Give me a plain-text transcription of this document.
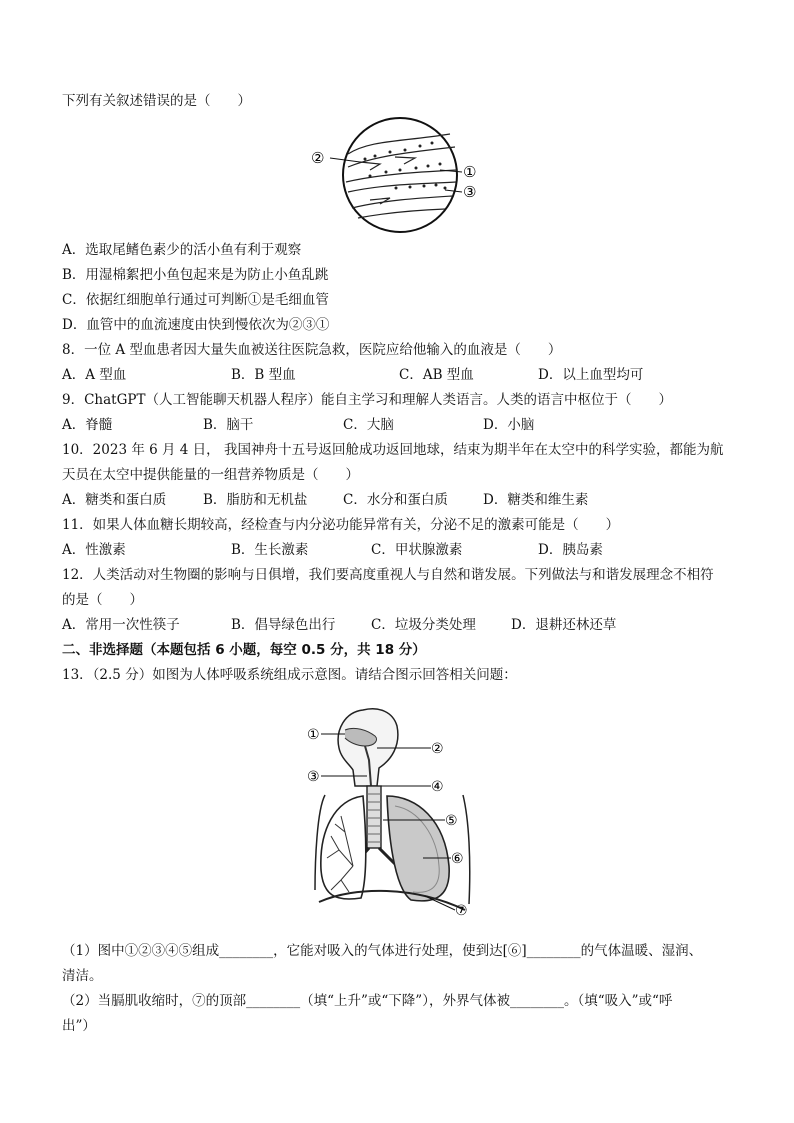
下列有关叙述错误的是（　　）
②
①
③
A．选取尾鳍色素少的活小鱼有利于观察
B．用湿棉絮把小鱼包起来是为防止小鱼乱跳
C．依据红细胞单行通过可判断①是毛细血管
D．血管中的血流速度由快到慢依次为②③①
8．一位 A 型血患者因大量失血被送往医院急救，医院应给他输入的血液是（　　）
A．A 型血	B．B 型血	C．AB 型血	D．以上血型均可
9．ChatGPT（人工智能聊天机器人程序）能自主学习和理解人类语言。人类的语言中枢位于（　　）
A．脊髓	B．脑干	C．大脑	D．小脑
10．2023 年 6 月 4 日， 我国神舟十五号返回舱成功返回地球，结束为期半年在太空中的科学实验，都能为航
天员在太空中提供能量的一组营养物质是（　　）
A．糖类和蛋白质	B．脂肪和无机盐	C．水分和蛋白质	D．糖类和维生素
11．如果人体血糖长期较高，经检查与内分泌功能异常有关，分泌不足的激素可能是（　　）
A．性激素	B．生长激素	C．甲状腺激素	D．胰岛素
12．人类活动对生物圈的影响与日俱增，我们要高度重视人与自然和谐发展。下列做法与和谐发展理念不相符
的是（　　）
A．常用一次性筷子	B．倡导绿色出行	C．垃圾分类处理	D．退耕还林还草
二、非选择题（本题包括 6 小题，每空 0.5 分，共 18 分）
13．（2.5 分）如图为人体呼吸系统组成示意图。请结合图示回答相关问题：
①
②
③
④
⑤
⑥
⑦
（1）图中①②③④⑤组成________，它能对吸入的气体进行处理，使到达[⑥]________的气体温暖、湿润、
清洁。
（2）当膈肌收缩时，⑦的顶部________（填“上升”或“下降”），外界气体被________。（填“吸入”或“呼
出”）
